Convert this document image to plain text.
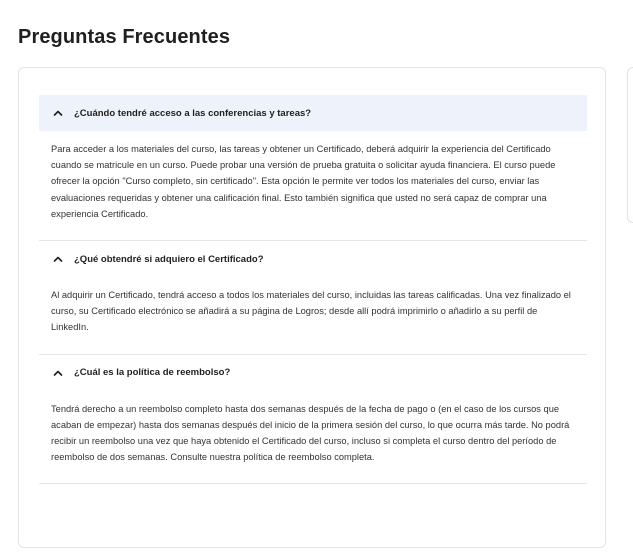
Preguntas Frecuentes
¿Cuándo tendré acceso a las conferencias y tareas?
Para acceder a los materiales del curso, las tareas y obtener un Certificado, deberá adquirir la experiencia del Certificado cuando se matricule en un curso. Puede probar una versión de prueba gratuita o solicitar ayuda financiera. El curso puede ofrecer la opción "Curso completo, sin certificado". Esta opción le permite ver todos los materiales del curso, enviar las evaluaciones requeridas y obtener una calificación final. Esto también significa que usted no será capaz de comprar una experiencia Certificado.
¿Qué obtendré si adquiero el Certificado?
Al adquirir un Certificado, tendrá acceso a todos los materiales del curso, incluidas las tareas calificadas. Una vez finalizado el curso, su Certificado electrónico se añadirá a su página de Logros; desde allí podrá imprimirlo o añadirlo a su perfil de LinkedIn.
¿Cuál es la política de reembolso?
Tendrá derecho a un reembolso completo hasta dos semanas después de la fecha de pago o (en el caso de los cursos que acaban de empezar) hasta dos semanas después del inicio de la primera sesión del curso, lo que ocurra más tarde. No podrá recibir un reembolso una vez que haya obtenido el Certificado del curso, incluso si completa el curso dentro del período de reembolso de dos semanas. Consulte nuestra política de reembolso completa.
